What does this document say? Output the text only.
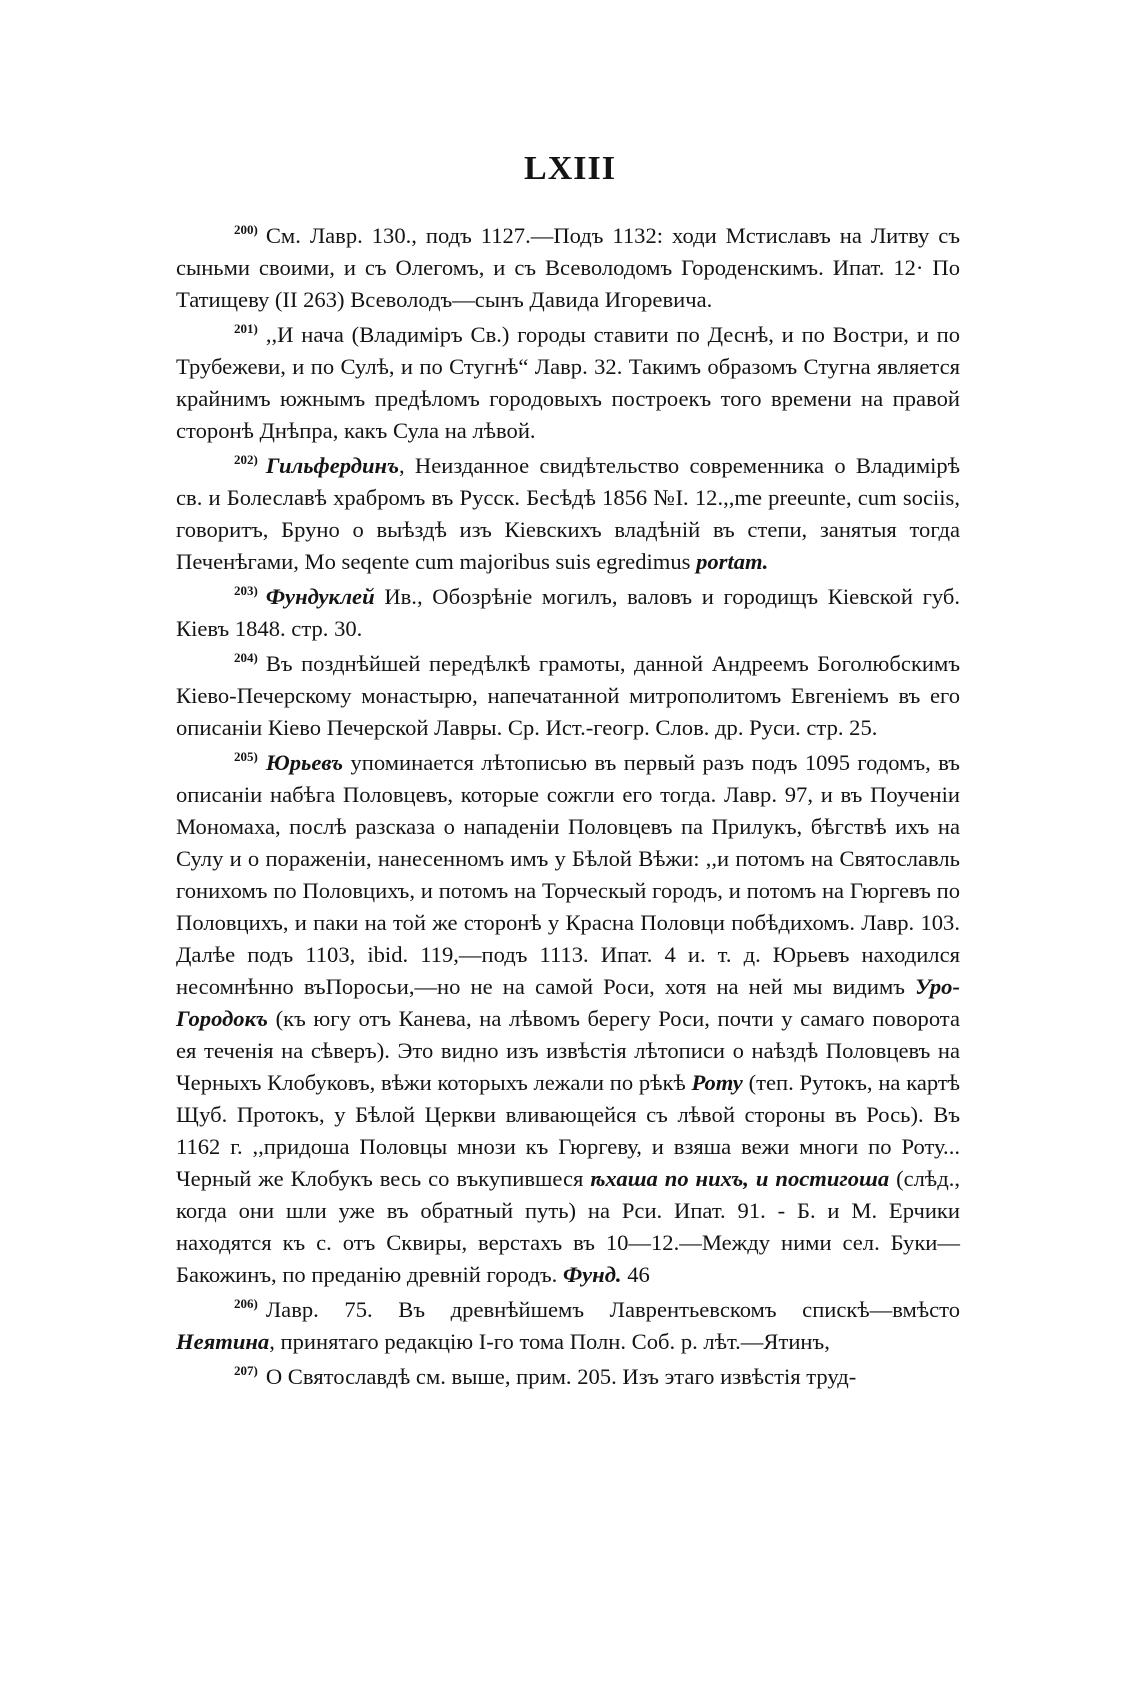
LXIII

$^{200)}$ См. Лавр. 130., подъ 1127.—Подъ 1132: ходи Мстиславъ на Литву съ сыньми своими, и съ Олегомъ, и съ Всеволодомъ Городенскимъ. Ипат. 12· По Татищеву (II 263) Всеволодъ—сынъ Давида Игоревича.

$^{201)}$ ,,И нача (Владимiръ Св.) городы ставити по Деснѣ, и по Востри, и по Трубежеви, и по Сулѣ, и по Стугнѣ“ Лавр. 32. Такимъ образомъ Стугна является крайнимъ южнымъ предѣломъ городовыхъ построекъ того времени на правой сторонѣ Днѣпра, какъ Сула на лѣвой.

$^{202)}$ Гильфердинъ, Неизданное свидѣтельство современника о Владимірѣ св. и Болеславѣ храбромъ въ Русск. Бесѣдѣ 1856 №I. 12.,,me preeunte, cum sociis, говоритъ, Бруно о выѣздѣ изъ Кіевскихъ владѣній въ степи, занятыя тогда Печенѣгами, Mo seqente cum majoribus suis egredimus portam.

$^{203)}$ Фундуклей Ив., Обозрѣніе могилъ, валовъ и городищъ Кіевской губ. Кіевъ 1848. стр. 30.

$^{204)}$ Въ позднѣйшей передѣлкѣ грамоты, данной Андреемъ Боголюбскимъ Кіево-Печерскому монастырю, напечатанной митрополитомъ Евгеніемъ въ его описаніи Кіево Печерской Лавры. Ср. Ист.-геогр. Слов. др. Руси. стр. 25.

$^{205)}$ Юрьевъ упоминается лѣтописью въ первый разъ подъ 1095 годомъ, въ описаніи набѣга Половцевъ, которые сожгли его тогда. Лавр. 97, и въ Поученіи Мономаха, послѣ разсказа о нападеніи Половцевъ па Прилукъ, бѣгствѣ ихъ на Сулу и о пораженіи, нанесенномъ имъ у Бѣлой Вѣжи: ,,и потомъ на Святославль гонихомъ по Половцихъ, и потомъ на Торческый городъ, и потомъ на Гюргевъ по Половцихъ, и паки на той же сторонѣ у Красна Половци побѣдихомъ. Лавр. 103. Далѣе подъ 1103, ibid. 119,—подъ 1113. Ипат. 4 и. т. д. Юрьевъ находился несомнѣнно въПоросьи,—но не на самой Роси, хотя на ней мы видимъ Уро-Городокъ (къ югу отъ Канева, на лѣвомъ берегу Роси, почти у самаго поворота ея теченія на сѣверъ). Это видно изъ извѣстія лѣтописи о наѣздѣ Половцевъ на Черныхъ Клобуковъ, вѣжи которыхъ лежали по рѣкѣ Роту (теп. Рутокъ, на картѣ Щуб. Протокъ, у Бѣлой Церкви вливающейся съ лѣвой стороны въ Рось). Въ 1162 г. ,,придоша Половцы мнози къ Гюргеву, и взяша вежи многи по Роту... Черный же Клобукъ весь со въкупившеся ѣхаша по нихъ, и постигоша (слѣд., когда они шли уже въ обратный путь) на Рси. Ипат. 91. - Б. и М. Ерчики находятся къ с. отъ Сквиры, верстахъ въ 10—12.—Между ними сел. Буки—Бакожинъ, по преданію древній городъ. Фунд. 46

$^{206)}$ Лавр. 75. Въ древнѣйшемъ Лаврентьевскомъ спискѣ—вмѣсто Неятина, принятаго редакцію I-го тома Полн. Соб. р. лѣт.—Ятинъ,

$^{207)}$ О Святославдѣ см. выше, прим. 205. Изъ этаго извѣстія труд-
